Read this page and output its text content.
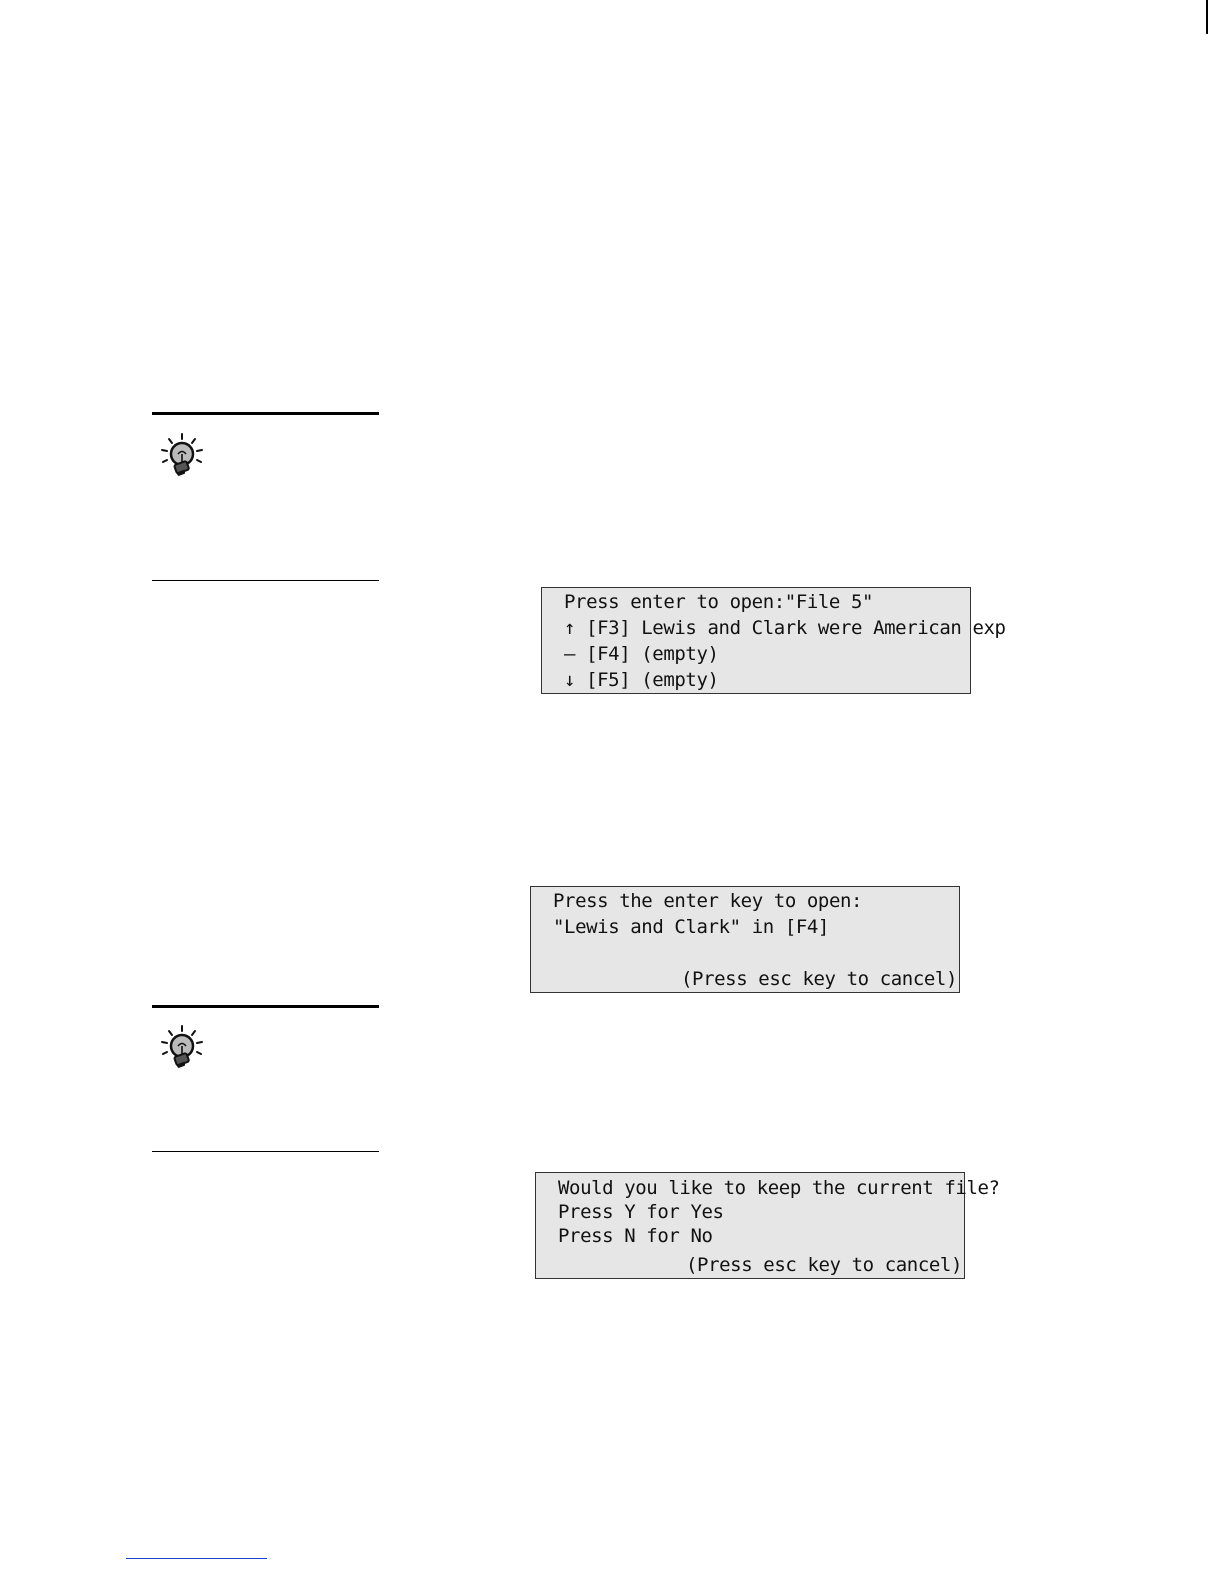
Press enter to open:"File 5"
↑ [F3] Lewis and Clark were American exp
– [F4] (empty)
↓ [F5] (empty)
Press the enter key to open:
"Lewis and Clark" in [F4]
(Press esc key to cancel)
Would you like to keep the current file?
Press Y for Yes
Press N for No
(Press esc key to cancel)
